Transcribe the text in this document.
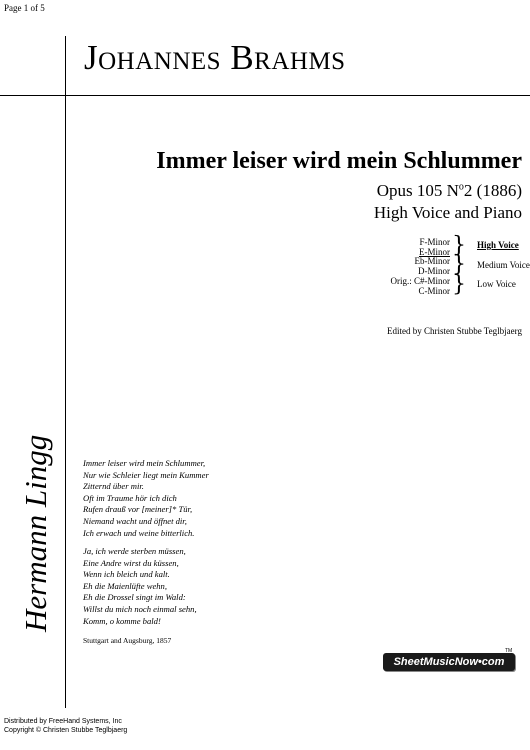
Page 1 of 5
Johannes Brahms
Immer leiser wird mein Schlummer
Opus 105 $N^o2$ (1886)
High Voice and Piano
F-Minor
E-Minor } High Voice
Eb-Minor
D-Minor } Medium Voice
Orig.: C#-Minor
C-Minor } Low Voice
Edited by Christen Stubbe Teglbjaerg
Hermann Lingg	Immer leiser wird mein Schlummer,
Nur wie Schleier liegt mein Kummer
Zitternd über mir.
Oft im Traume hör ich dich
Rufen drauß vor [meiner]* Tür,
Niemand wacht und öffnet dir,
Ich erwach und weine bitterlich.
Ja, ich werde sterben müssen,
Eine Andre wirst du küssen,
Wenn ich bleich und kalt.
Eh die Maienlüfte wehn,
Eh die Drossel singt im Wald:
Willst du mich noch einmal sehn,
Komm, o komme bald!
Stuttgart and Augsburg, 1857
SheetMusicNow•com
TM
Distributed by FreeHand Systems, Inc
Copyright © Christen Stubbe Teglbjaerg
